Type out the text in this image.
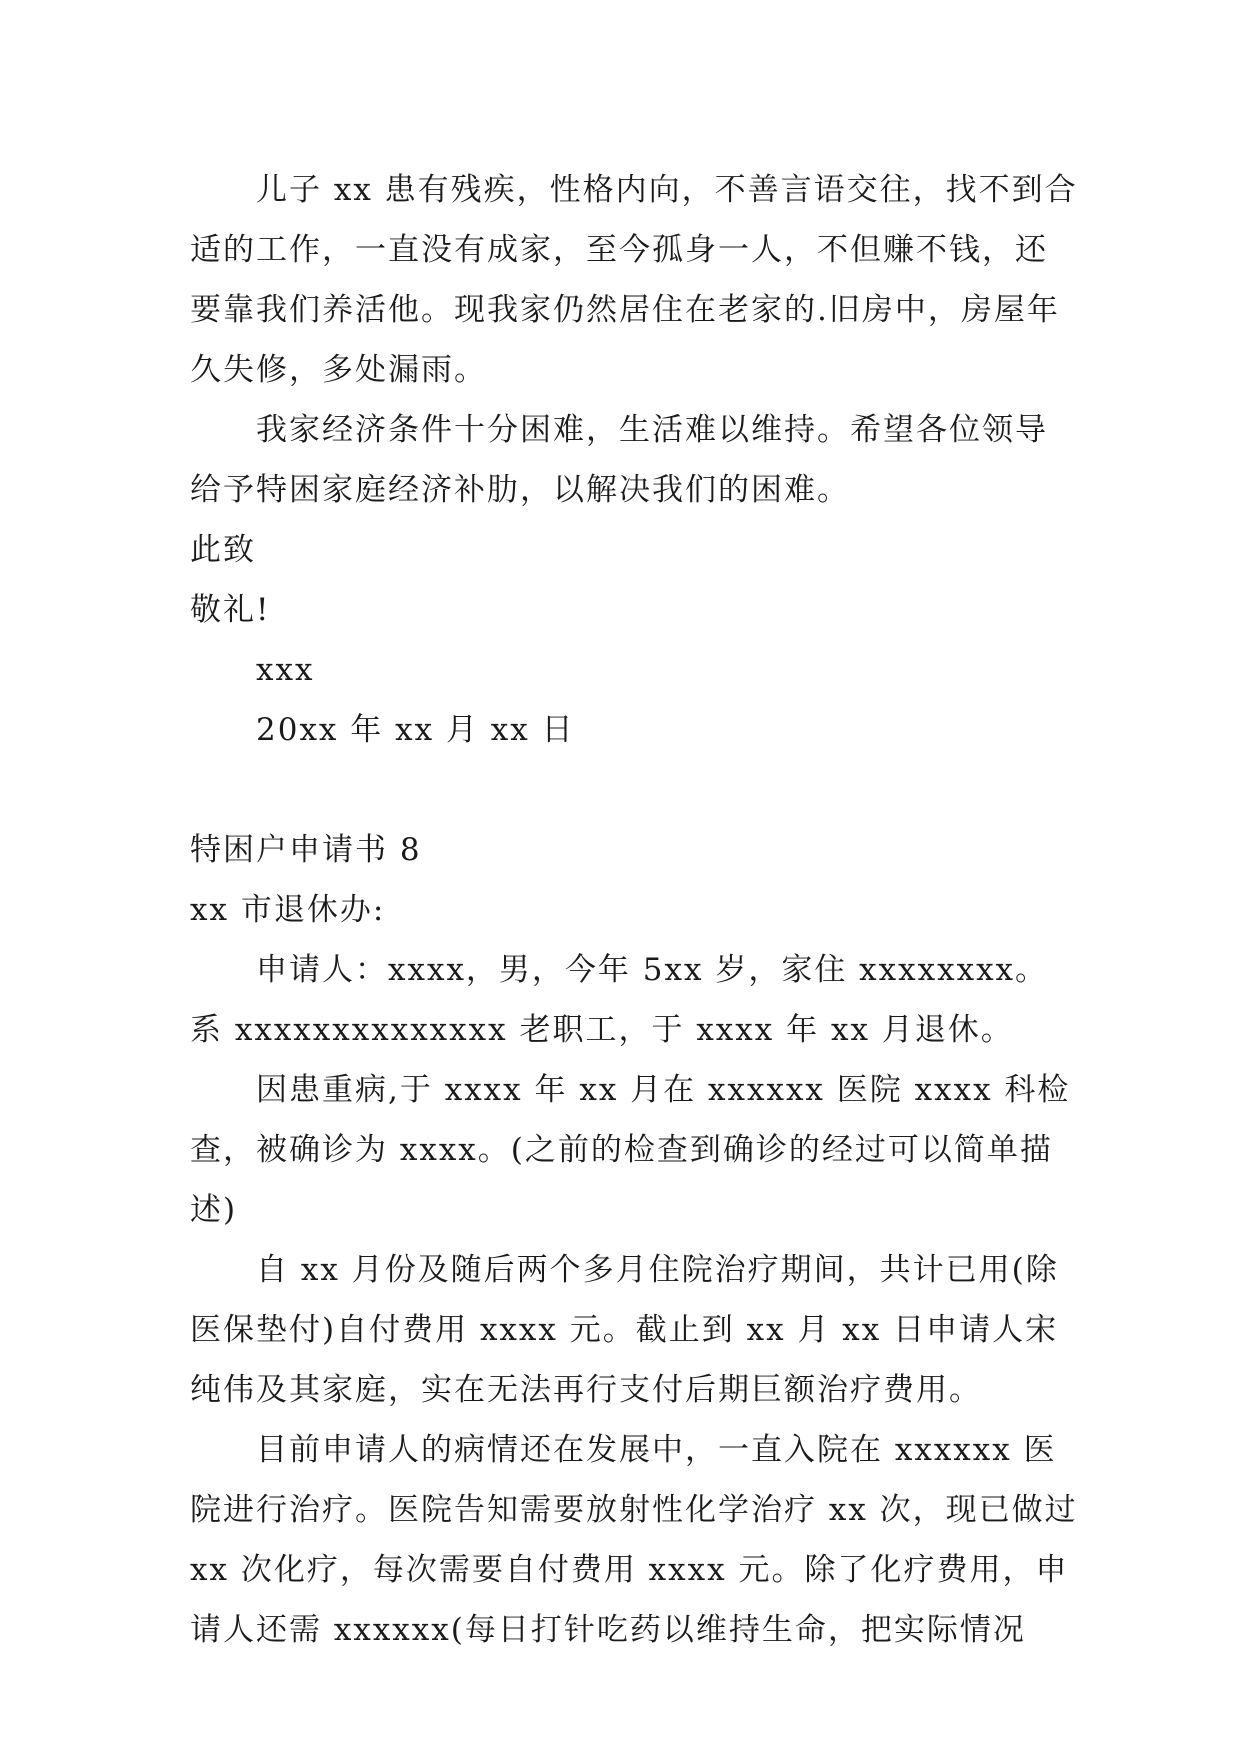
儿子 xx 患有残疾，性格内向，不善言语交往，找不到合适的工作，一直没有成家，至今孤身一人，不但赚不钱，还要靠我们养活他。现我家仍然居住在老家的.旧房中，房屋年久失修，多处漏雨。

我家经济条件十分困难，生活难以维持。希望各位领导给予特困家庭经济补肋，以解决我们的困难。

此致
敬礼!
xxx
20xx 年 xx 月 xx 日
特困户申请书 8
xx 市退休办:

申请人：xxxx，男，今年 5xx 岁，家住 xxxxxxxx。系 xxxxxxxxxxxxxx 老职工，于 xxxx 年 xx 月退休。

因患重病,于 xxxx 年 xx 月在 xxxxxx 医院 xxxx 科检查，被确诊为 xxxx。(之前的检查到确诊的经过可以简单描述)

自 xx 月份及随后两个多月住院治疗期间，共计已用(除医保垫付)自付费用 xxxx 元。截止到 xx 月 xx 日申请人宋纯伟及其家庭，实在无法再行支付后期巨额治疗费用。

目前申请人的病情还在发展中，一直入院在 xxxxxx 医院进行治疗。医院告知需要放射性化学治疗 xx 次，现已做过 xx 次化疗，每次需要自付费用 xxxx 元。除了化疗费用，申请人还需 xxxxxx(每日打针吃药以维持生命，把实际情况
